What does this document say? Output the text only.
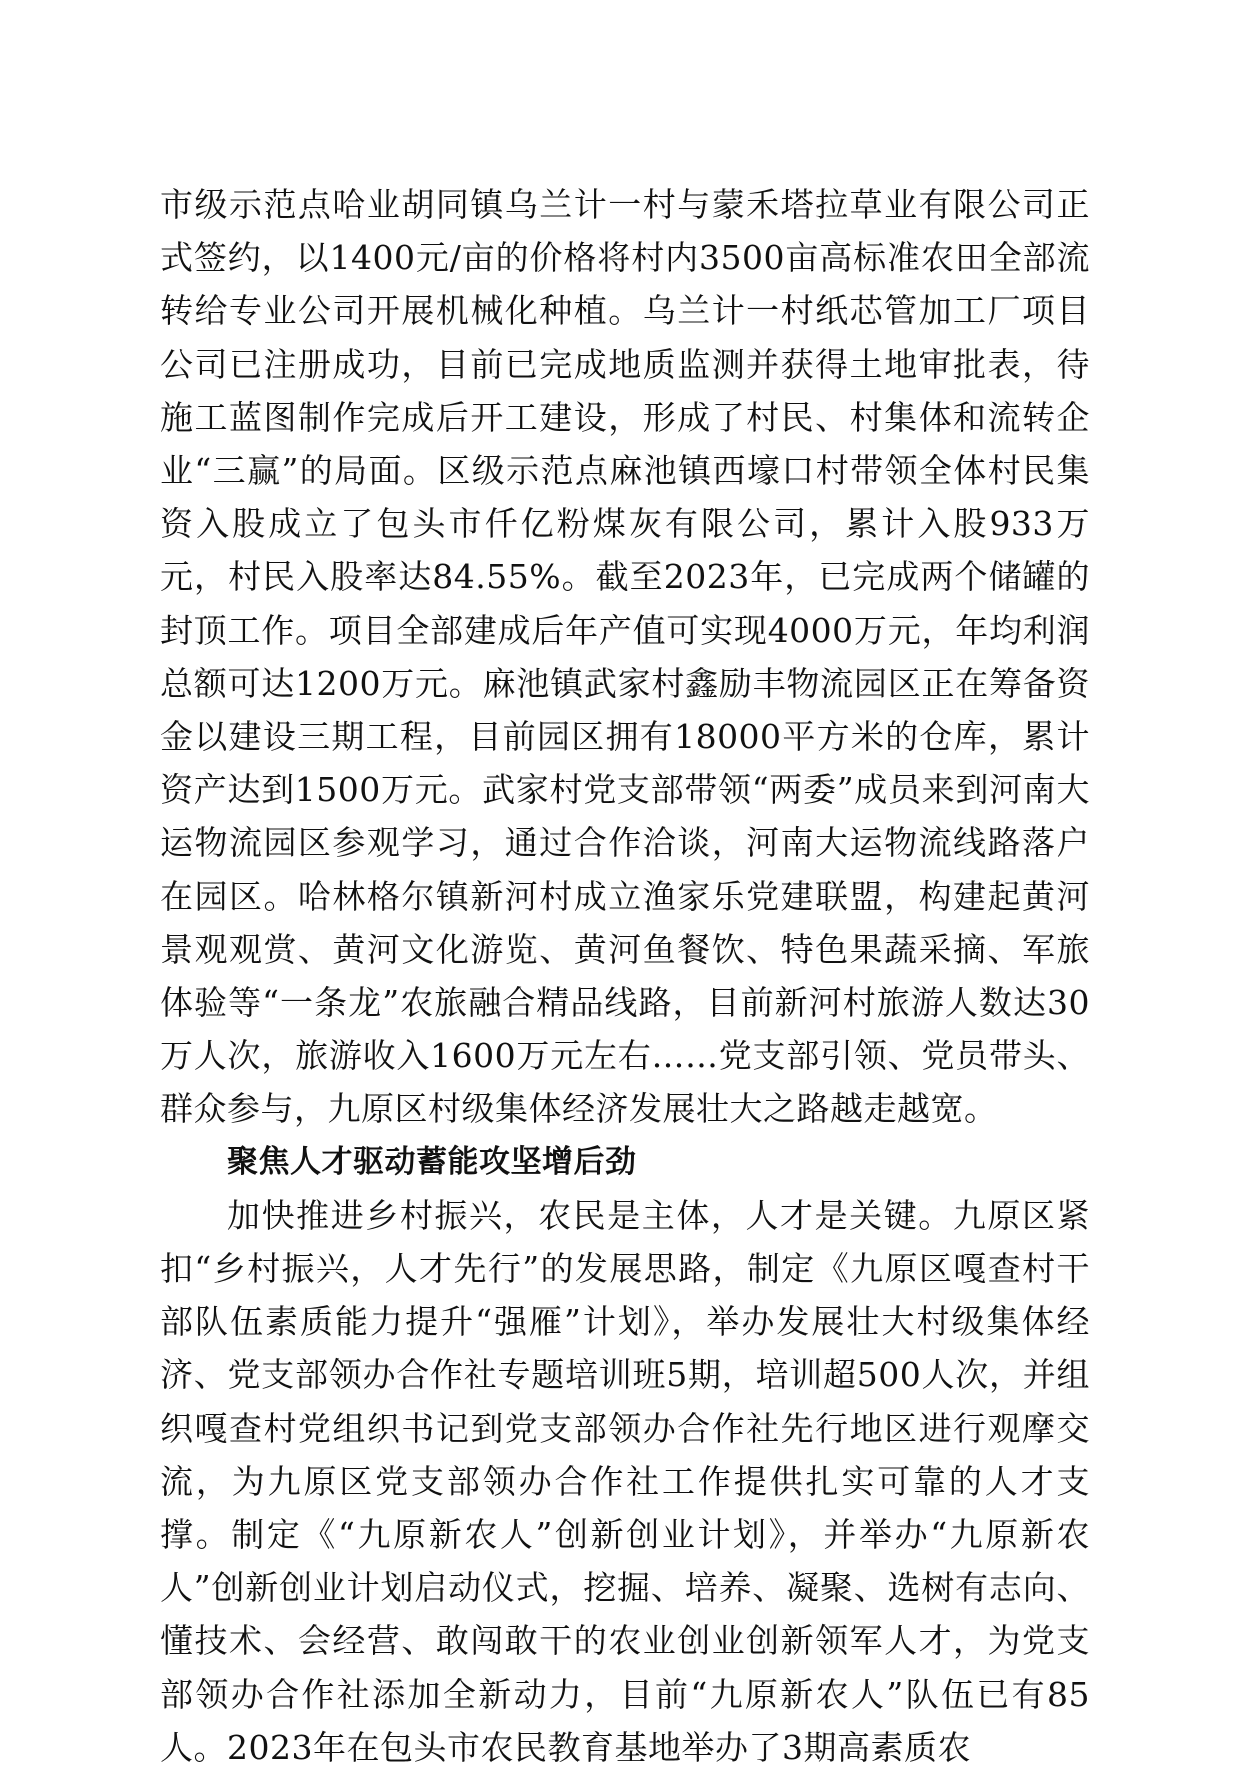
市级示范点哈业胡同镇乌兰计一村与蒙禾塔拉草业有限公司正式签约，以1400元/亩的价格将村内3500亩高标准农田全部流转给专业公司开展机械化种植。乌兰计一村纸芯管加工厂项目公司已注册成功，目前已完成地质监测并获得土地审批表，待施工蓝图制作完成后开工建设，形成了村民、村集体和流转企业“三赢”的局面。区级示范点麻池镇西壕口村带领全体村民集资入股成立了包头市仟亿粉煤灰有限公司，累计入股933万元，村民入股率达84.55%。截至2023年，已完成两个储罐的封顶工作。项目全部建成后年产值可实现4000万元，年均利润总额可达1200万元。麻池镇武家村鑫励丰物流园区正在筹备资金以建设三期工程，目前园区拥有18000平方米的仓库，累计资产达到1500万元。武家村党支部带领“两委”成员来到河南大运物流园区参观学习，通过合作洽谈，河南大运物流线路落户在园区。哈林格尔镇新河村成立渔家乐党建联盟，构建起黄河景观观赏、黄河文化游览、黄河鱼餐饮、特色果蔬采摘、军旅体验等“一条龙”农旅融合精品线路，目前新河村旅游人数达30万人次，旅游收入1600万元左右……党支部引领、党员带头、群众参与，九原区村级集体经济发展壮大之路越走越宽。

聚焦人才驱动蓄能攻坚增后劲

加快推进乡村振兴，农民是主体，人才是关键。九原区紧扣“乡村振兴，人才先行”的发展思路，制定《九原区嘎查村干部队伍素质能力提升“强雁”计划》，举办发展壮大村级集体经济、党支部领办合作社专题培训班5期，培训超500人次，并组织嘎查村党组织书记到党支部领办合作社先行地区进行观摩交流，为九原区党支部领办合作社工作提供扎实可靠的人才支撑。制定《“九原新农人”创新创业计划》，并举办“九原新农人”创新创业计划启动仪式，挖掘、培养、凝聚、选树有志向、懂技术、会经营、敢闯敢干的农业创业创新领军人才，为党支部领办合作社添加全新动力，目前“九原新农人”队伍已有85人。2023年在包头市农民教育基地举办了3期高素质农
